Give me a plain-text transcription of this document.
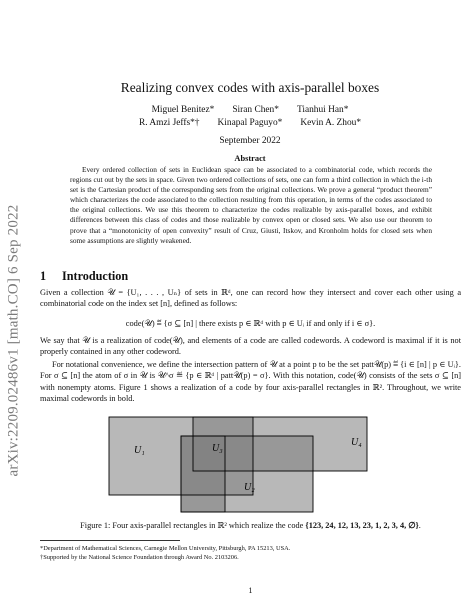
arXiv:2209.02486v1 [math.CO] 6 Sep 2022
Realizing convex codes with axis-parallel boxes
Miguel Benitez* Siran Chen* Tianhui Han*
R. Amzi Jeffs*† Kinapal Paguyo* Kevin A. Zhou*
September 2022
Abstract

Every ordered collection of sets in Euclidean space can be associated to a combinatorial code, which records the regions cut out by the sets in space. Given two ordered collections of sets, one can form a third collection in which the i-th set is the Cartesian product of the corresponding sets from the original collections. We prove a general “product theorem” which characterizes the code associated to the collection resulting from this operation, in terms of the codes associated to the original collections. We use this theorem to characterize the codes realizable by axis-parallel boxes, and exhibit differences between this class of codes and those realizable by convex open or closed sets. We also use our theorem to prove that a “monotonicity of open convexity” result of Cruz, Giusti, Itskov, and Kronholm holds for closed sets when some assumptions are slightly weakened.

1 Introduction

Given a collection 𝒰 = {U₁, . . . , Uₙ} of sets in ℝᵈ, one can record how they intersect and cover each other using a combinatorial code on the index set [n], defined as follows:

code(𝒰) ≝ {σ ⊆ [n] | there exists p ∈ ℝᵈ with p ∈ Uᵢ if and only if i ∈ σ}.

We say that 𝒰 is a realization of code(𝒰), and elements of a code are called codewords. A codeword is maximal if it is not properly contained in any other codeword.

For notational convenience, we define the intersection pattern of 𝒰 at a point p to be the set patt𝒰(p) ≝ {i ∈ [n] | p ∈ Uᵢ}. For σ ⊆ [n] the atom of σ in 𝒰 is 𝒰^σ ≝ {p ∈ ℝᵈ | patt𝒰(p) = σ}. With this notation, code(𝒰) consists of the sets σ ⊆ [n] with nonempty atoms. Figure 1 shows a realization of a code by four axis-parallel rectangles in ℝ². Throughout, we write maximal codewords in bold.

U₁
U₂
U₃
U₄
Figure 1: Four axis-parallel rectangles in ℝ² which realize the code {123, 24, 12, 13, 23, 1, 2, 3, 4, ∅}.
*Department of Mathematical Sciences, Carnegie Mellon University, Pittsburgh, PA 15213, USA.
†Supported by the National Science Foundation through Award No. 2103206.
1
